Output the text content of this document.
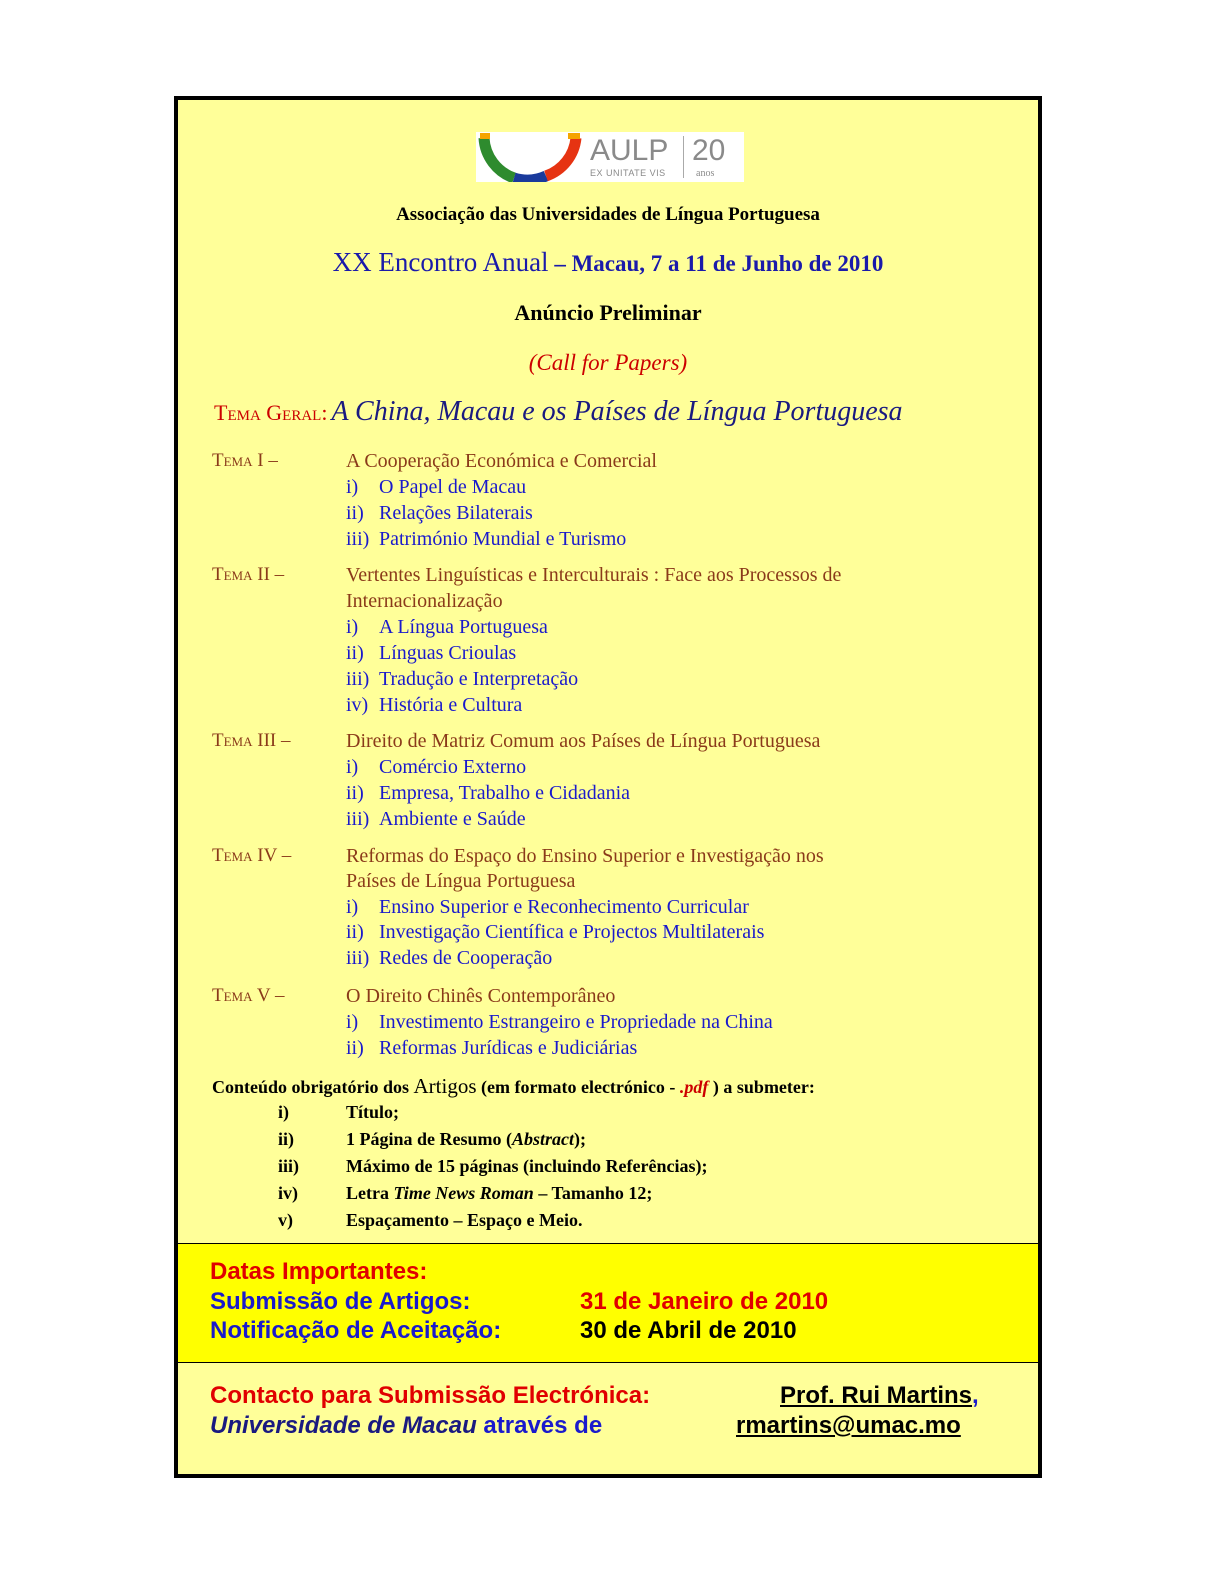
AULP
EX UNITATE VIS
20
anos
Associação das Universidades de Língua Portuguesa
XX Encontro Anual – Macau, 7 a 11 de Junho de 2010
Anúncio Preliminar
(Call for Papers)
Tema Geral: A China, Macau e os Países de Língua Portuguesa
Tema I –	A Cooperação Económica e Comercial
i) O Papel de Macau
ii) Relações Bilaterais
iii) Património Mundial e Turismo
Tema II –	Vertentes Linguísticas e Interculturais : Face aos Processos de
Internacionalização
i) A Língua Portuguesa
ii) Línguas Crioulas
iii) Tradução e Interpretação
iv) História e Cultura
Tema III –	Direito de Matriz Comum aos Países de Língua Portuguesa
i) Comércio Externo
ii) Empresa, Trabalho e Cidadania
iii) Ambiente e Saúde
Tema IV –	Reformas do Espaço do Ensino Superior e Investigação nos
Países de Língua Portuguesa
i) Ensino Superior e Reconhecimento Curricular
ii) Investigação Científica e Projectos Multilaterais
iii) Redes de Cooperação
Tema V –	O Direito Chinês Contemporâneo
i) Investimento Estrangeiro e Propriedade na China
ii) Reformas Jurídicas e Judiciárias
Conteúdo obrigatório dos Artigos (em formato electrónico - .pdf ) a submeter:
i)	Título;
ii)	1 Página de Resumo (Abstract);
iii)	Máximo de 15 páginas (incluindo Referências);
iv)	Letra Time News Roman – Tamanho 12;
v)	Espaçamento – Espaço e Meio.
Datas Importantes:
Submissão de Artigos:	31 de Janeiro de 2010
Notificação de Aceitação:	30 de Abril de 2010
Contacto para Submissão Electrónica:	Prof. Rui Martins,
Universidade de Macau através de	rmartins@umac.mo
